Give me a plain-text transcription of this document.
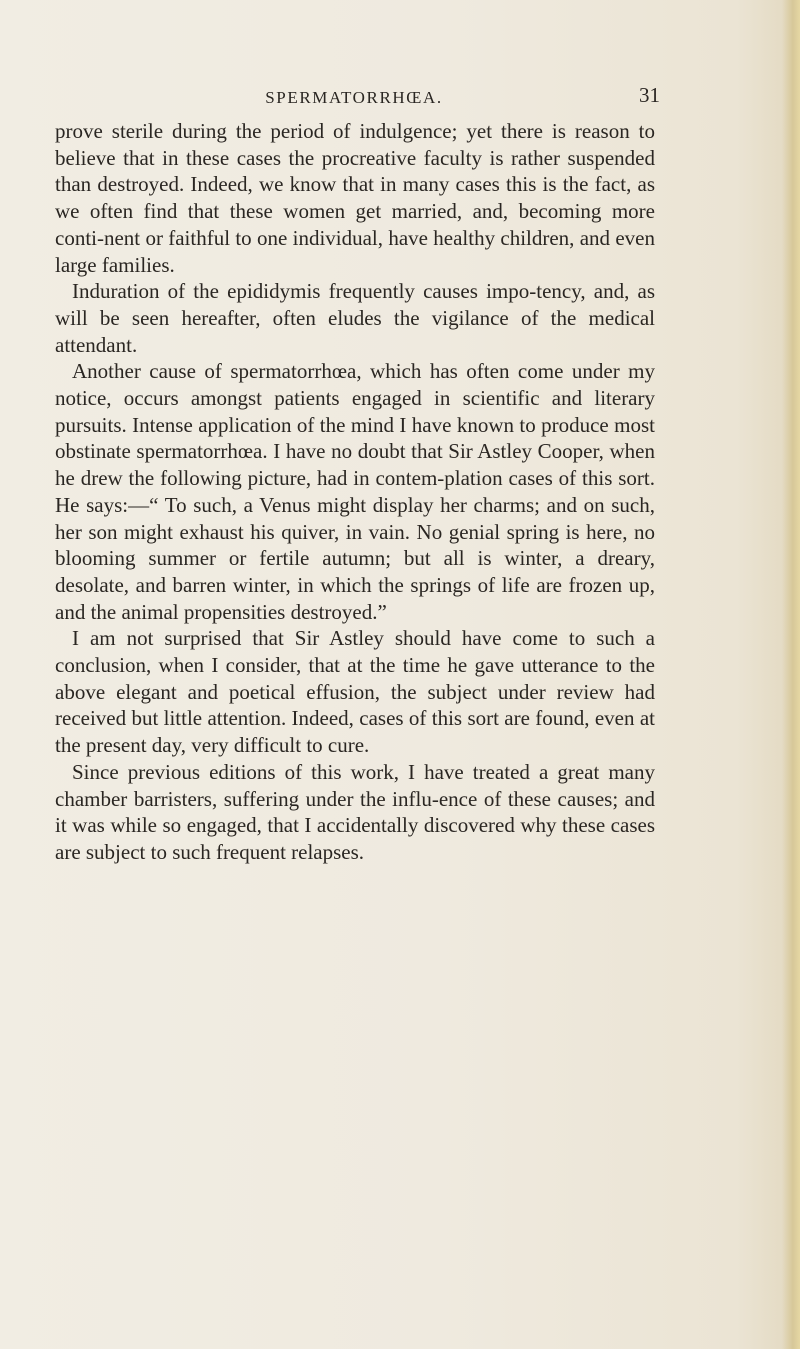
SPERMATORRHŒA.	31

prove sterile during the period of indulgence; yet there is reason to believe that in these cases the procreative faculty is rather suspended than destroyed. Indeed, we know that in many cases this is the fact, as we often find that these women get married, and, becoming more conti-nent or faithful to one individual, have healthy children, and even large families.

Induration of the epididymis frequently causes impo-tency, and, as will be seen hereafter, often eludes the vigilance of the medical attendant.

Another cause of spermatorrhœa, which has often come under my notice, occurs amongst patients engaged in scientific and literary pursuits. Intense application of the mind I have known to produce most obstinate spermatorrhœa. I have no doubt that Sir Astley Cooper, when he drew the following picture, had in contem-plation cases of this sort. He says:—“ To such, a Venus might display her charms; and on such, her son might exhaust his quiver, in vain. No genial spring is here, no blooming summer or fertile autumn; but all is winter, a dreary, desolate, and barren winter, in which the springs of life are frozen up, and the animal propensities destroyed.”

I am not surprised that Sir Astley should have come to such a conclusion, when I consider, that at the time he gave utterance to the above elegant and poetical effusion, the subject under review had received but little attention. Indeed, cases of this sort are found, even at the present day, very difficult to cure.

Since previous editions of this work, I have treated a great many chamber barristers, suffering under the influ-ence of these causes; and it was while so engaged, that I accidentally discovered why these cases are subject to such frequent relapses.
